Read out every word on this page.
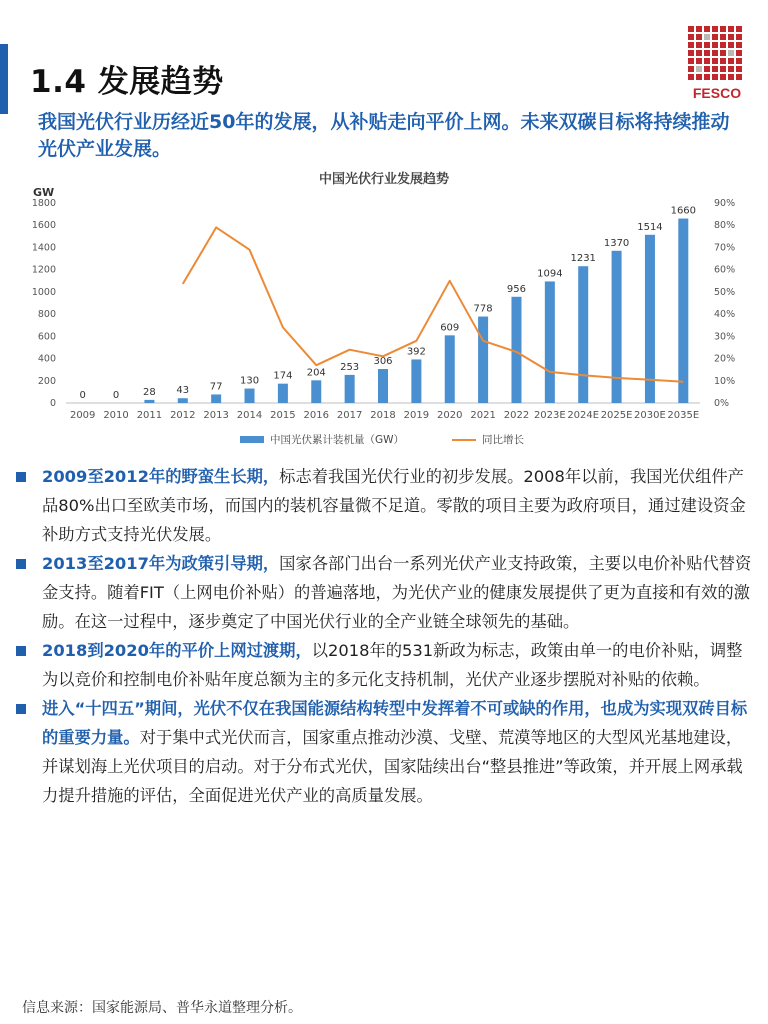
1.4 发展趋势	FESCO

我国光伏行业历经近50年的发展，从补贴走向平价上网。未来双碳目标将持续推动光伏产业发展。

中国光伏行业发展趋势
GW
0
200
400
600
800
1000
1200
1400
1600
1800
0%
10%
20%
30%
40%
50%
60%
70%
80%
90%
0
2009
0
2010
28
2011
43
2012
77
2013
130
2014
174
2015
204
2016
253
2017
306
2018
392
2019
609
2020
778
2021
956
2022
1094
2023E
1231
2024E
1370
2025E
1514
2030E
1660
2035E
中国光伏累计装机量（GW）	同比增长

2009至2012年的野蛮生长期，标志着我国光伏行业的初步发展。2008年以前，我国光伏组件产品80%出口至欧美市场，而国内的装机容量微不足道。零散的项目主要为政府项目，通过建设资金补助方式支持光伏发展。

2013至2017年为政策引导期，国家各部门出台一系列光伏产业支持政策，主要以电价补贴代替资金支持。随着FIT（上网电价补贴）的普遍落地，为光伏产业的健康发展提供了更为直接和有效的激励。在这一过程中，逐步奠定了中国光伏行业的全产业链全球领先的基础。

2018到2020年的平价上网过渡期，以2018年的531新政为标志，政策由单一的电价补贴，调整为以竞价和控制电价补贴年度总额为主的多元化支持机制，光伏产业逐步摆脱对补贴的依赖。

进入“十四五”期间，光伏不仅在我国能源结构转型中发挥着不可或缺的作用，也成为实现双砖目标的重要力量。对于集中式光伏而言，国家重点推动沙漠、戈壁、荒漠等地区的大型风光基地建设，并谋划海上光伏项目的启动。对于分布式光伏，国家陆续出台“整县推进”等政策，并开展上网承载力提升措施的评估，全面促进光伏产业的高质量发展。

信息来源：国家能源局、普华永道整理分析。
